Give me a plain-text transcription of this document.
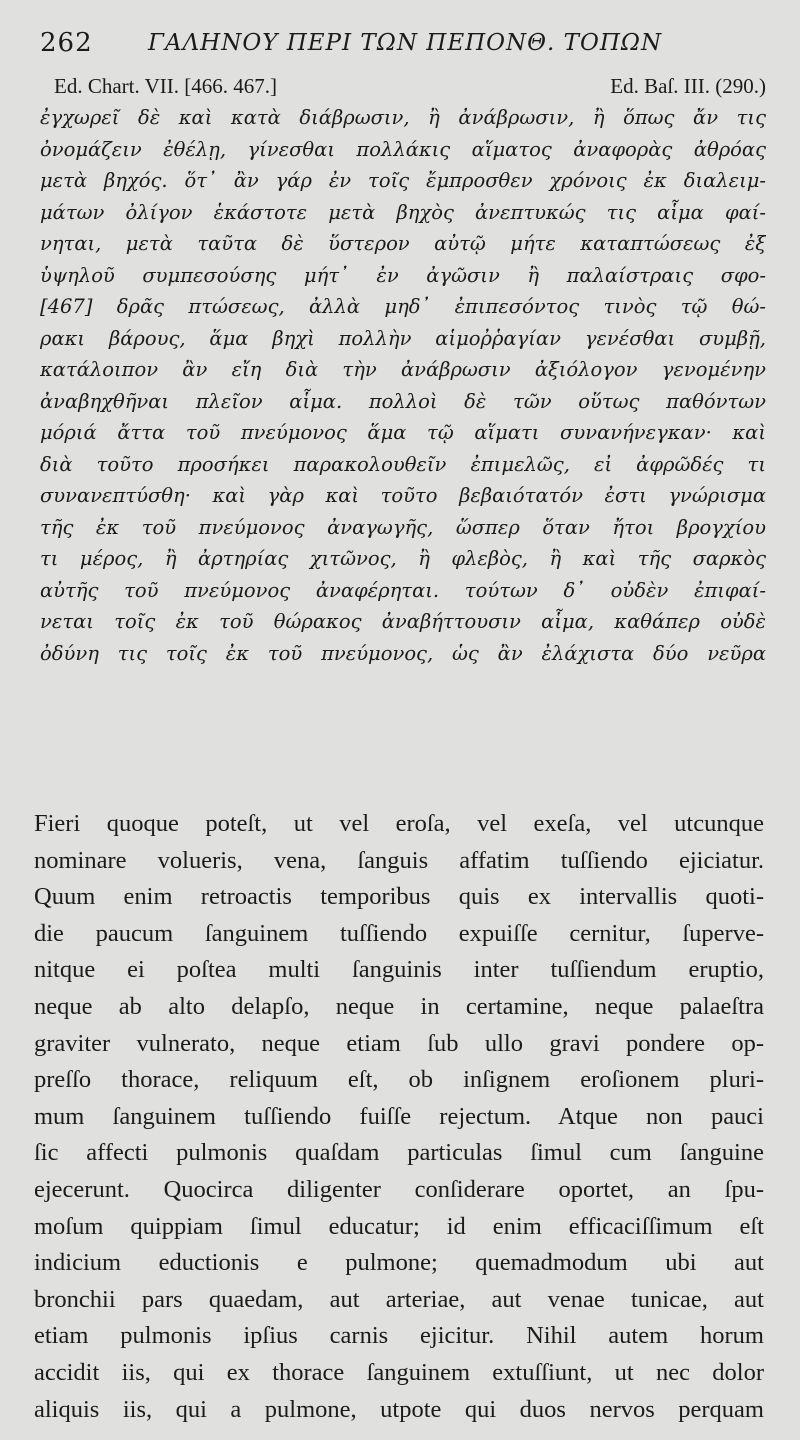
262 ΓΑΛΗΝΟΥ ΠΕΡΙ ΤΩΝ ΠΕΠΟΝΘ. ΤΟΠΩΝ
Ed. Chart. VII. [466. 467.]	Ed. Baſ. III. (290.)
ἐγχωρεῖ δὲ καὶ κατὰ διάβρωσιν, ἢ ἀνάβρωσιν, ἢ ὅπως ἄν τις
ὀνομάζειν ἐθέλῃ, γίνεσθαι πολλάκις αἵματος ἀναφορὰς ἀθρόας
μετὰ βηχός. ὅτ᾽ ἂν γάρ ἐν τοῖς ἔμπροσθεν χρόνοις ἐκ διαλειμ-
μάτων ὀλίγον ἑκάστοτε μετὰ βηχὸς ἀνεπτυκώς τις αἷμα φαί-
νηται, μετὰ ταῦτα δὲ ὕστερον αὐτῷ μήτε καταπτώσεως ἐξ
ὑψηλοῦ συμπεσούσης μήτ᾽ ἐν ἀγῶσιν ἢ παλαίστραις σφο-
[467] δρᾶς πτώσεως, ἀλλὰ μηδ᾽ ἐπιπεσόντος τινὸς τῷ θώ-
ρακι βάρους, ἅμα βηχὶ πολλὴν αἱμοῤῥαγίαν γενέσθαι συμβῇ,
κατάλοιπον ἂν εἴη διὰ τὴν ἀνάβρωσιν ἀξιόλογον γενομένην
ἀναβηχθῆναι πλεῖον αἷμα. πολλοὶ δὲ τῶν οὕτως παθόντων
μόριά ἄττα τοῦ πνεύμονος ἅμα τῷ αἵματι συνανήνεγκαν· καὶ
διὰ τοῦτο προσήκει παρακολουθεῖν ἐπιμελῶς, εἰ ἀφρῶδές τι
συνανεπτύσθη· καὶ γὰρ καὶ τοῦτο βεβαιότατόν ἐστι γνώρισμα
τῆς ἐκ τοῦ πνεύμονος ἀναγωγῆς, ὥσπερ ὅταν ἤτοι βρογχίου
τι μέρος, ἢ ἀρτηρίας χιτῶνος, ἢ φλεβὸς, ἢ καὶ τῆς σαρκὸς
αὐτῆς τοῦ πνεύμονος ἀναφέρηται. τούτων δ᾽ οὐδὲν ἐπιφαί-
νεται τοῖς ἐκ τοῦ θώρακος ἀναβήττουσιν αἷμα, καθάπερ οὐδὲ
ὀδύνη τις τοῖς ἐκ τοῦ πνεύμονος, ὡς ἂν ἐλάχιστα δύο νεῦρα
Fieri quoque poteſt, ut vel eroſa, vel exeſa, vel utcunque
nominare volueris, vena, ſanguis affatim tuſſiendo ejiciatur.
Quum enim retroactis temporibus quis ex intervallis quoti-
die paucum ſanguinem tuſſiendo expuiſſe cernitur, ſuperve-
nitque ei poſtea multi ſanguinis inter tuſſiendum eruptio,
neque ab alto delapſo, neque in certamine, neque palaeſtra
graviter vulnerato, neque etiam ſub ullo gravi pondere op-
preſſo thorace, reliquum eſt, ob inſignem eroſionem pluri-
mum ſanguinem tuſſiendo fuiſſe rejectum. Atque non pauci
ſic affecti pulmonis quaſdam particulas ſimul cum ſanguine
ejecerunt. Quocirca diligenter conſiderare oportet, an ſpu-
moſum quippiam ſimul educatur; id enim efficaciſſimum eſt
indicium eductionis e pulmone; quemadmodum ubi aut
bronchii pars quaedam, aut arteriae, aut venae tunicae, aut
etiam pulmonis ipſius carnis ejicitur. Nihil autem horum
accidit iis, qui ex thorace ſanguinem extuſſiunt, ut nec dolor
aliquis iis, qui a pulmone, utpote qui duos nervos perquam
